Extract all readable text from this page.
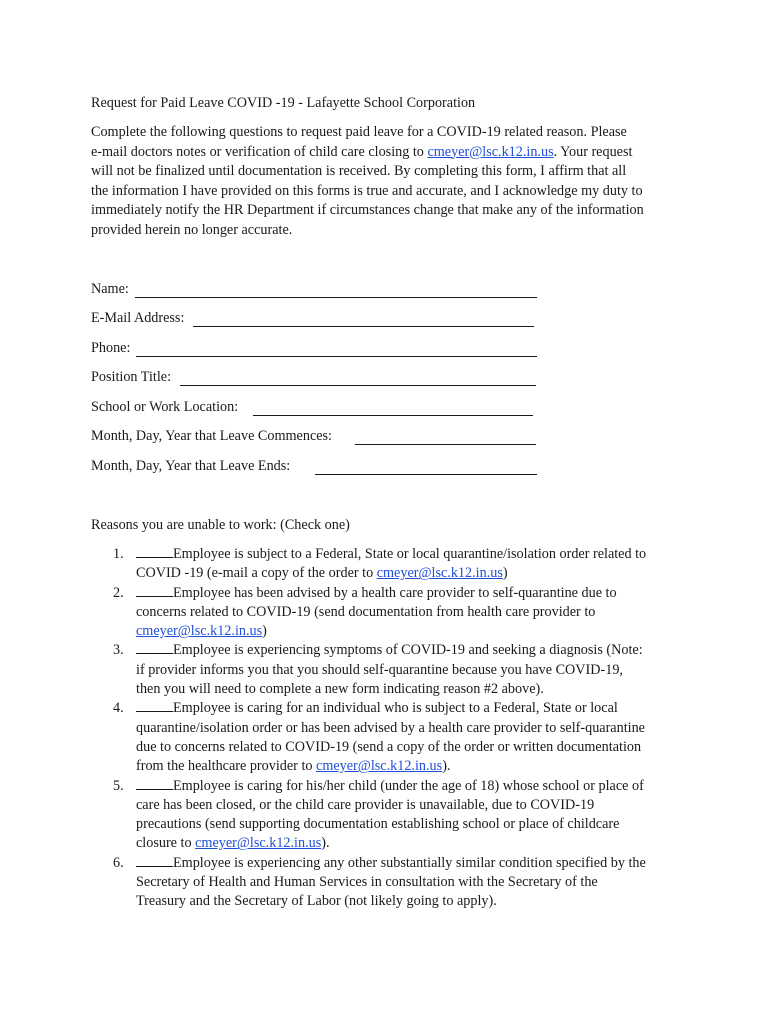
Request for Paid Leave COVID -19 - Lafayette School Corporation
Complete the following questions to request paid leave for a COVID-19 related reason. Please
e-mail doctors notes or verification of child care closing to cmeyer@lsc.k12.in.us. Your request
will not be finalized until documentation is received. By completing this form, I affirm that all
the information I have provided on this forms is true and accurate, and I acknowledge my duty to
immediately notify the HR Department if circumstances change that make any of the information
provided herein no longer accurate.
Name:
E-Mail Address:
Phone:
Position Title:
School or Work Location:
Month, Day, Year that Leave Commences:
Month, Day, Year that Leave Ends:
Reasons you are unable to work: (Check one)
1.	Employee is subject to a Federal, State or local quarantine/isolation order related to
COVID -19 (e-mail a copy of the order to cmeyer@lsc.k12.in.us)
2.	Employee has been advised by a health care provider to self-quarantine due to
concerns related to COVID-19 (send documentation from health care provider to
cmeyer@lsc.k12.in.us)
3.	Employee is experiencing symptoms of COVID-19 and seeking a diagnosis (Note:
if provider informs you that you should self-quarantine because you have COVID-19,
then you will need to complete a new form indicating reason #2 above).
4.	Employee is caring for an individual who is subject to a Federal, State or local
quarantine/isolation order or has been advised by a health care provider to self-quarantine
due to concerns related to COVID-19 (send a copy of the order or written documentation
from the healthcare provider to cmeyer@lsc.k12.in.us).
5.	Employee is caring for his/her child (under the age of 18) whose school or place of
care has been closed, or the child care provider is unavailable, due to COVID-19
precautions (send supporting documentation establishing school or place of childcare
closure to cmeyer@lsc.k12.in.us).
6.	Employee is experiencing any other substantially similar condition specified by the
Secretary of Health and Human Services in consultation with the Secretary of the
Treasury and the Secretary of Labor (not likely going to apply).
